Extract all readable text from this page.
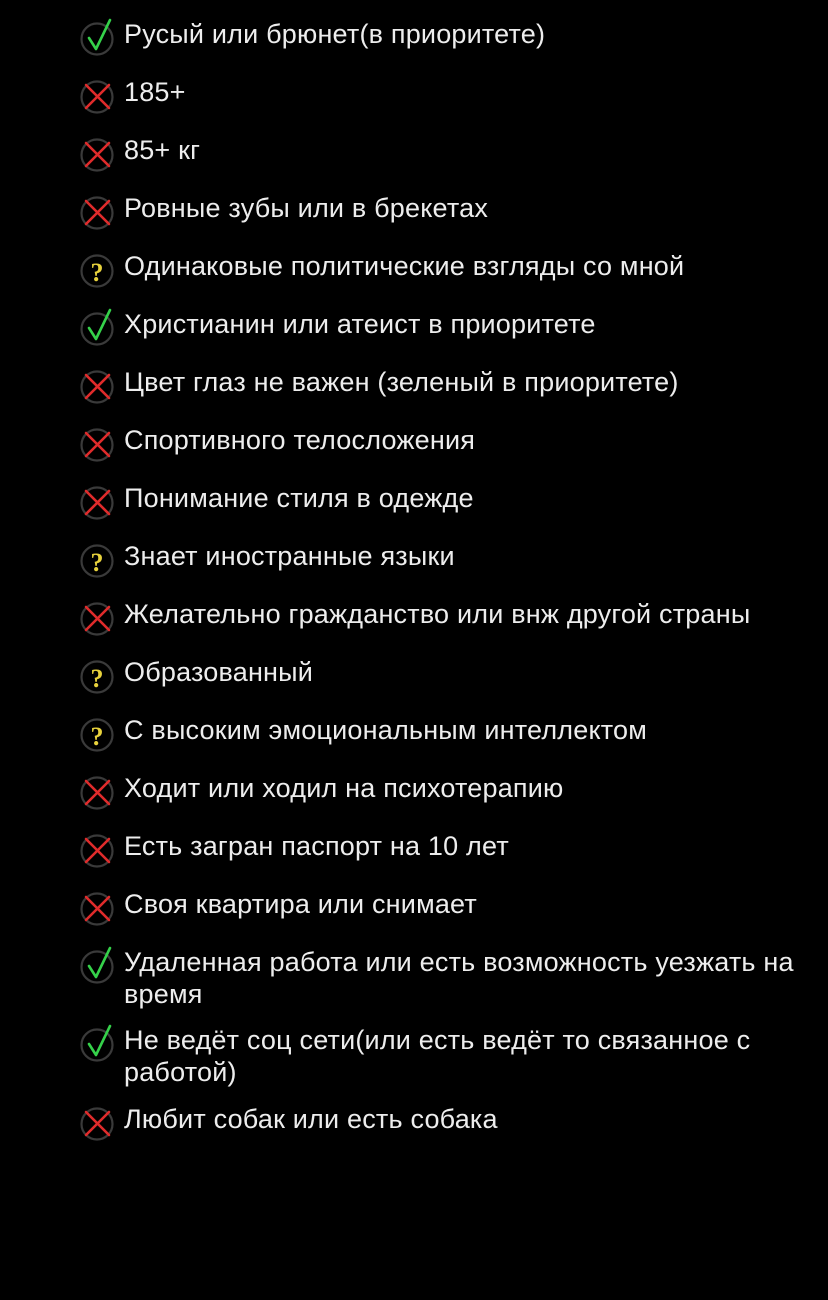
Русый или брюнет(в приоритете)
185+
85+ кг
Ровные зубы или в брекетах
? Одинаковые политические взгляды со мной
Христианин или атеист в приоритете
Цвет глаз не важен (зеленый в приоритете)
Спортивного телосложения
Понимание стиля в одежде
? Знает иностранные языки
Желательно гражданство или внж другой страны
? Образованный
? С высоким эмоциональным интеллектом
Ходит или ходил на психотерапию
Есть загран паспорт на 10 лет
Своя квартира или снимает
Удаленная работа или есть возможность уезжать на время
Не ведёт соц сети(или есть ведёт то связанное с работой)
Любит собак или есть собака
